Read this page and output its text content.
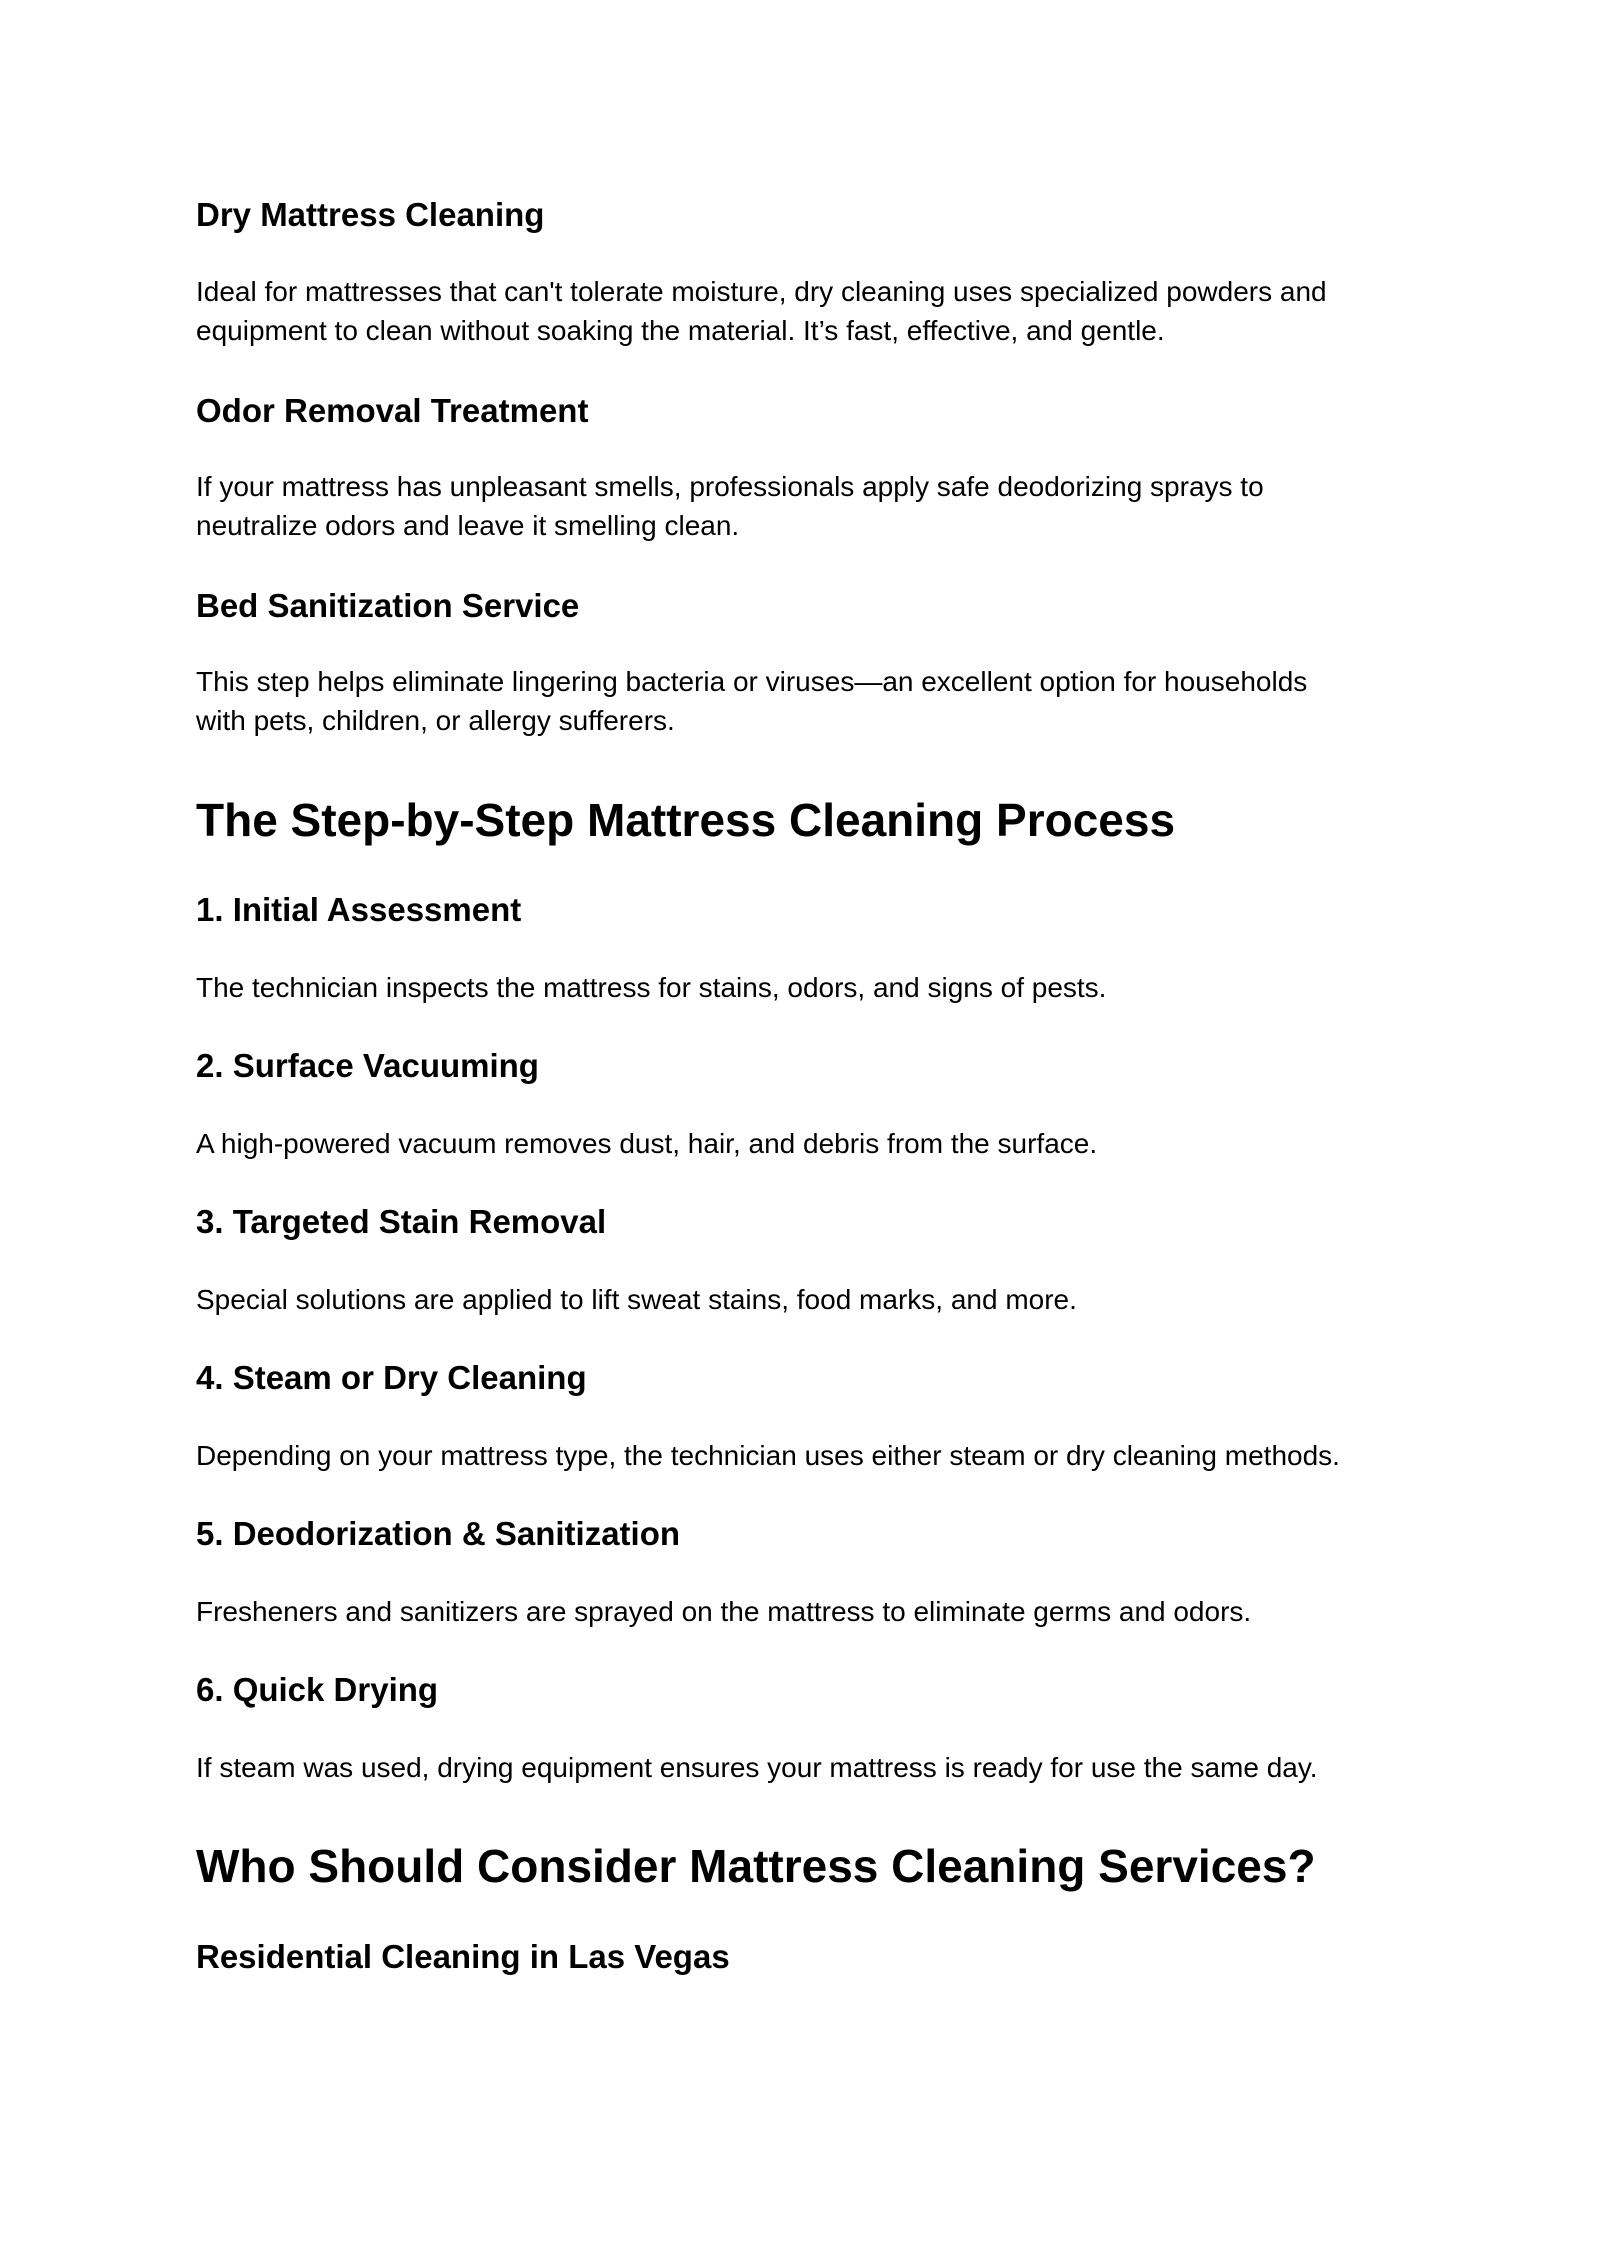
Dry Mattress Cleaning

Ideal for mattresses that can't tolerate moisture, dry cleaning uses specialized powders and

equipment to clean without soaking the material. It’s fast, effective, and gentle.

Odor Removal Treatment

If your mattress has unpleasant smells, professionals apply safe deodorizing sprays to

neutralize odors and leave it smelling clean.

Bed Sanitization Service

This step helps eliminate lingering bacteria or viruses—an excellent option for households

with pets, children, or allergy sufferers.

The Step-by-Step Mattress Cleaning Process
1. Initial Assessment

The technician inspects the mattress for stains, odors, and signs of pests.

2. Surface Vacuuming

A high-powered vacuum removes dust, hair, and debris from the surface.

3. Targeted Stain Removal

Special solutions are applied to lift sweat stains, food marks, and more.

4. Steam or Dry Cleaning

Depending on your mattress type, the technician uses either steam or dry cleaning methods.

5. Deodorization & Sanitization

Fresheners and sanitizers are sprayed on the mattress to eliminate germs and odors.

6. Quick Drying

If steam was used, drying equipment ensures your mattress is ready for use the same day.

Who Should Consider Mattress Cleaning Services?
Residential Cleaning in Las Vegas
